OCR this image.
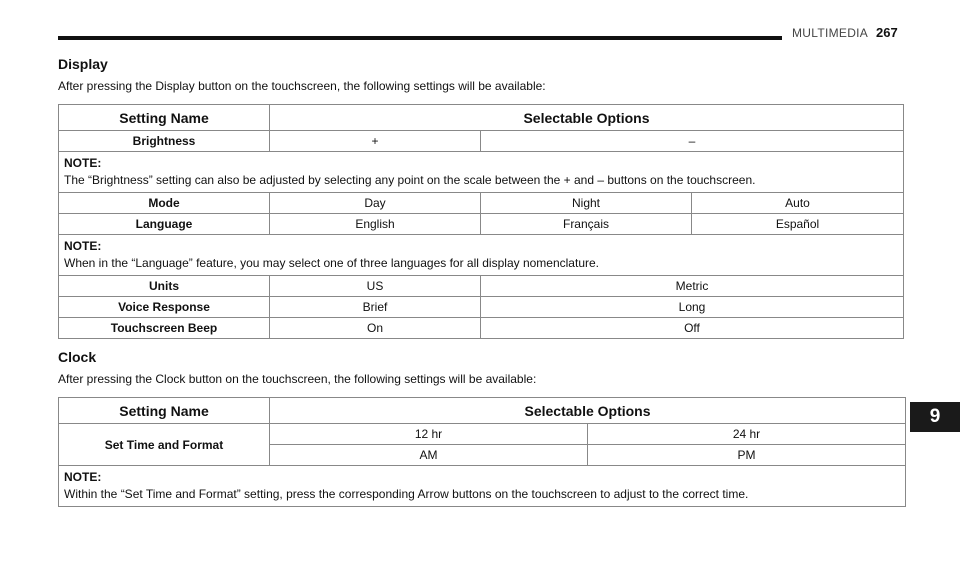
MULTIMEDIA 267
9
Display

After pressing the Display button on the touchscreen, the following settings will be available:

Setting Name	Selectable Options		
Brightness	+	–	

NOTE:
The “Brightness” setting can also be adjusted by selecting any point on the scale between the + and – buttons on the touchscreen.			
Mode	Day	Night	Auto
Language	English	Français	Español

NOTE:
When in the “Language” feature, you may select one of three languages for all display nomenclature.			
Units	US	Metric	
Voice Response	Brief	Long	
Touchscreen Beep	On	Off	
Clock

After pressing the Clock button on the touchscreen, the following settings will be available:

Setting Name	Selectable Options	
Set Time and Format	12 hr	24 hr
	AM	PM

NOTE:
Within the “Set Time and Format” setting, press the corresponding Arrow buttons on the touchscreen to adjust to the correct time.		
